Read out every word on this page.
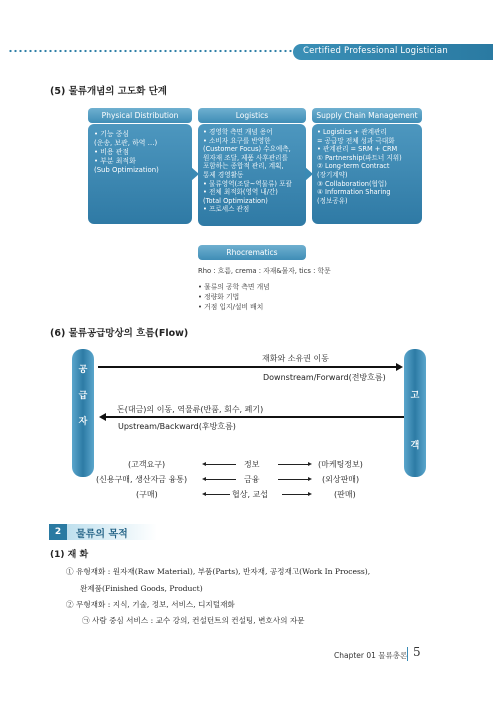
Certified Professional Logistician
(5) 물류개념의 고도화 단계
Physical Distribution	Logistics	Supply Chain Management
• 기능 중심
(운송, 보관, 하역 …)
• 비용 관점
• 부분 최적화
(Sub Optimization)
• 경영학 측면 개념 용어
• 소비자 요구를 반영한
(Customer Focus) 수요예측,
원자재 조달, 제품 사후관리를
포함하는 종합적 관리, 계획,
통제 경영활동
• 물류영역(조달~역물류) 포괄
• 전체 최적화(영역 내/간)
(Total Optimization)
• 프로세스 관점
• Logistics + 관계관리
= 공급망 전체 성과 극대화
• 관계관리 = SRM + CRM
① Partnership(파트너 지위)
② Long-term Contract
(장기계약)
③ Collaboration(협업)
④ Information Sharing
(정보공유)
Rhocrematics
Rho : 흐름, crema : 자재&물자, tics : 학문
• 물류의 공학 측면 개념
• 정량화 기법
• 거점 입지/설비 배치
(6) 물류공급망상의 흐름(Flow)
공
급
자
고
객
재화와 소유권 이동
Downstream/Forward(전방흐름)
돈(대금)의 이동, 역물류(반품, 회수, 폐기)
Upstream/Backward(후방흐름)
(고객요구)	정보	(마케팅정보)
(신용구매, 생산자금 융통)	금융	(외상판매)
(구매)	협상, 교섭	(판매)
2	물류의 목적
(1) 재 화
① 유형재화 : 원자재(Raw Material), 부품(Parts), 반자재, 공정재고(Work In Process),
완제품(Finished Goods, Product)
② 무형재화 : 지식, 기술, 정보, 서비스, 디지털재화
㉠ 사람 중심 서비스 : 교수 강의, 컨설턴트의 컨설팅, 변호사의 자문
Chapter 01 물류총론 5
